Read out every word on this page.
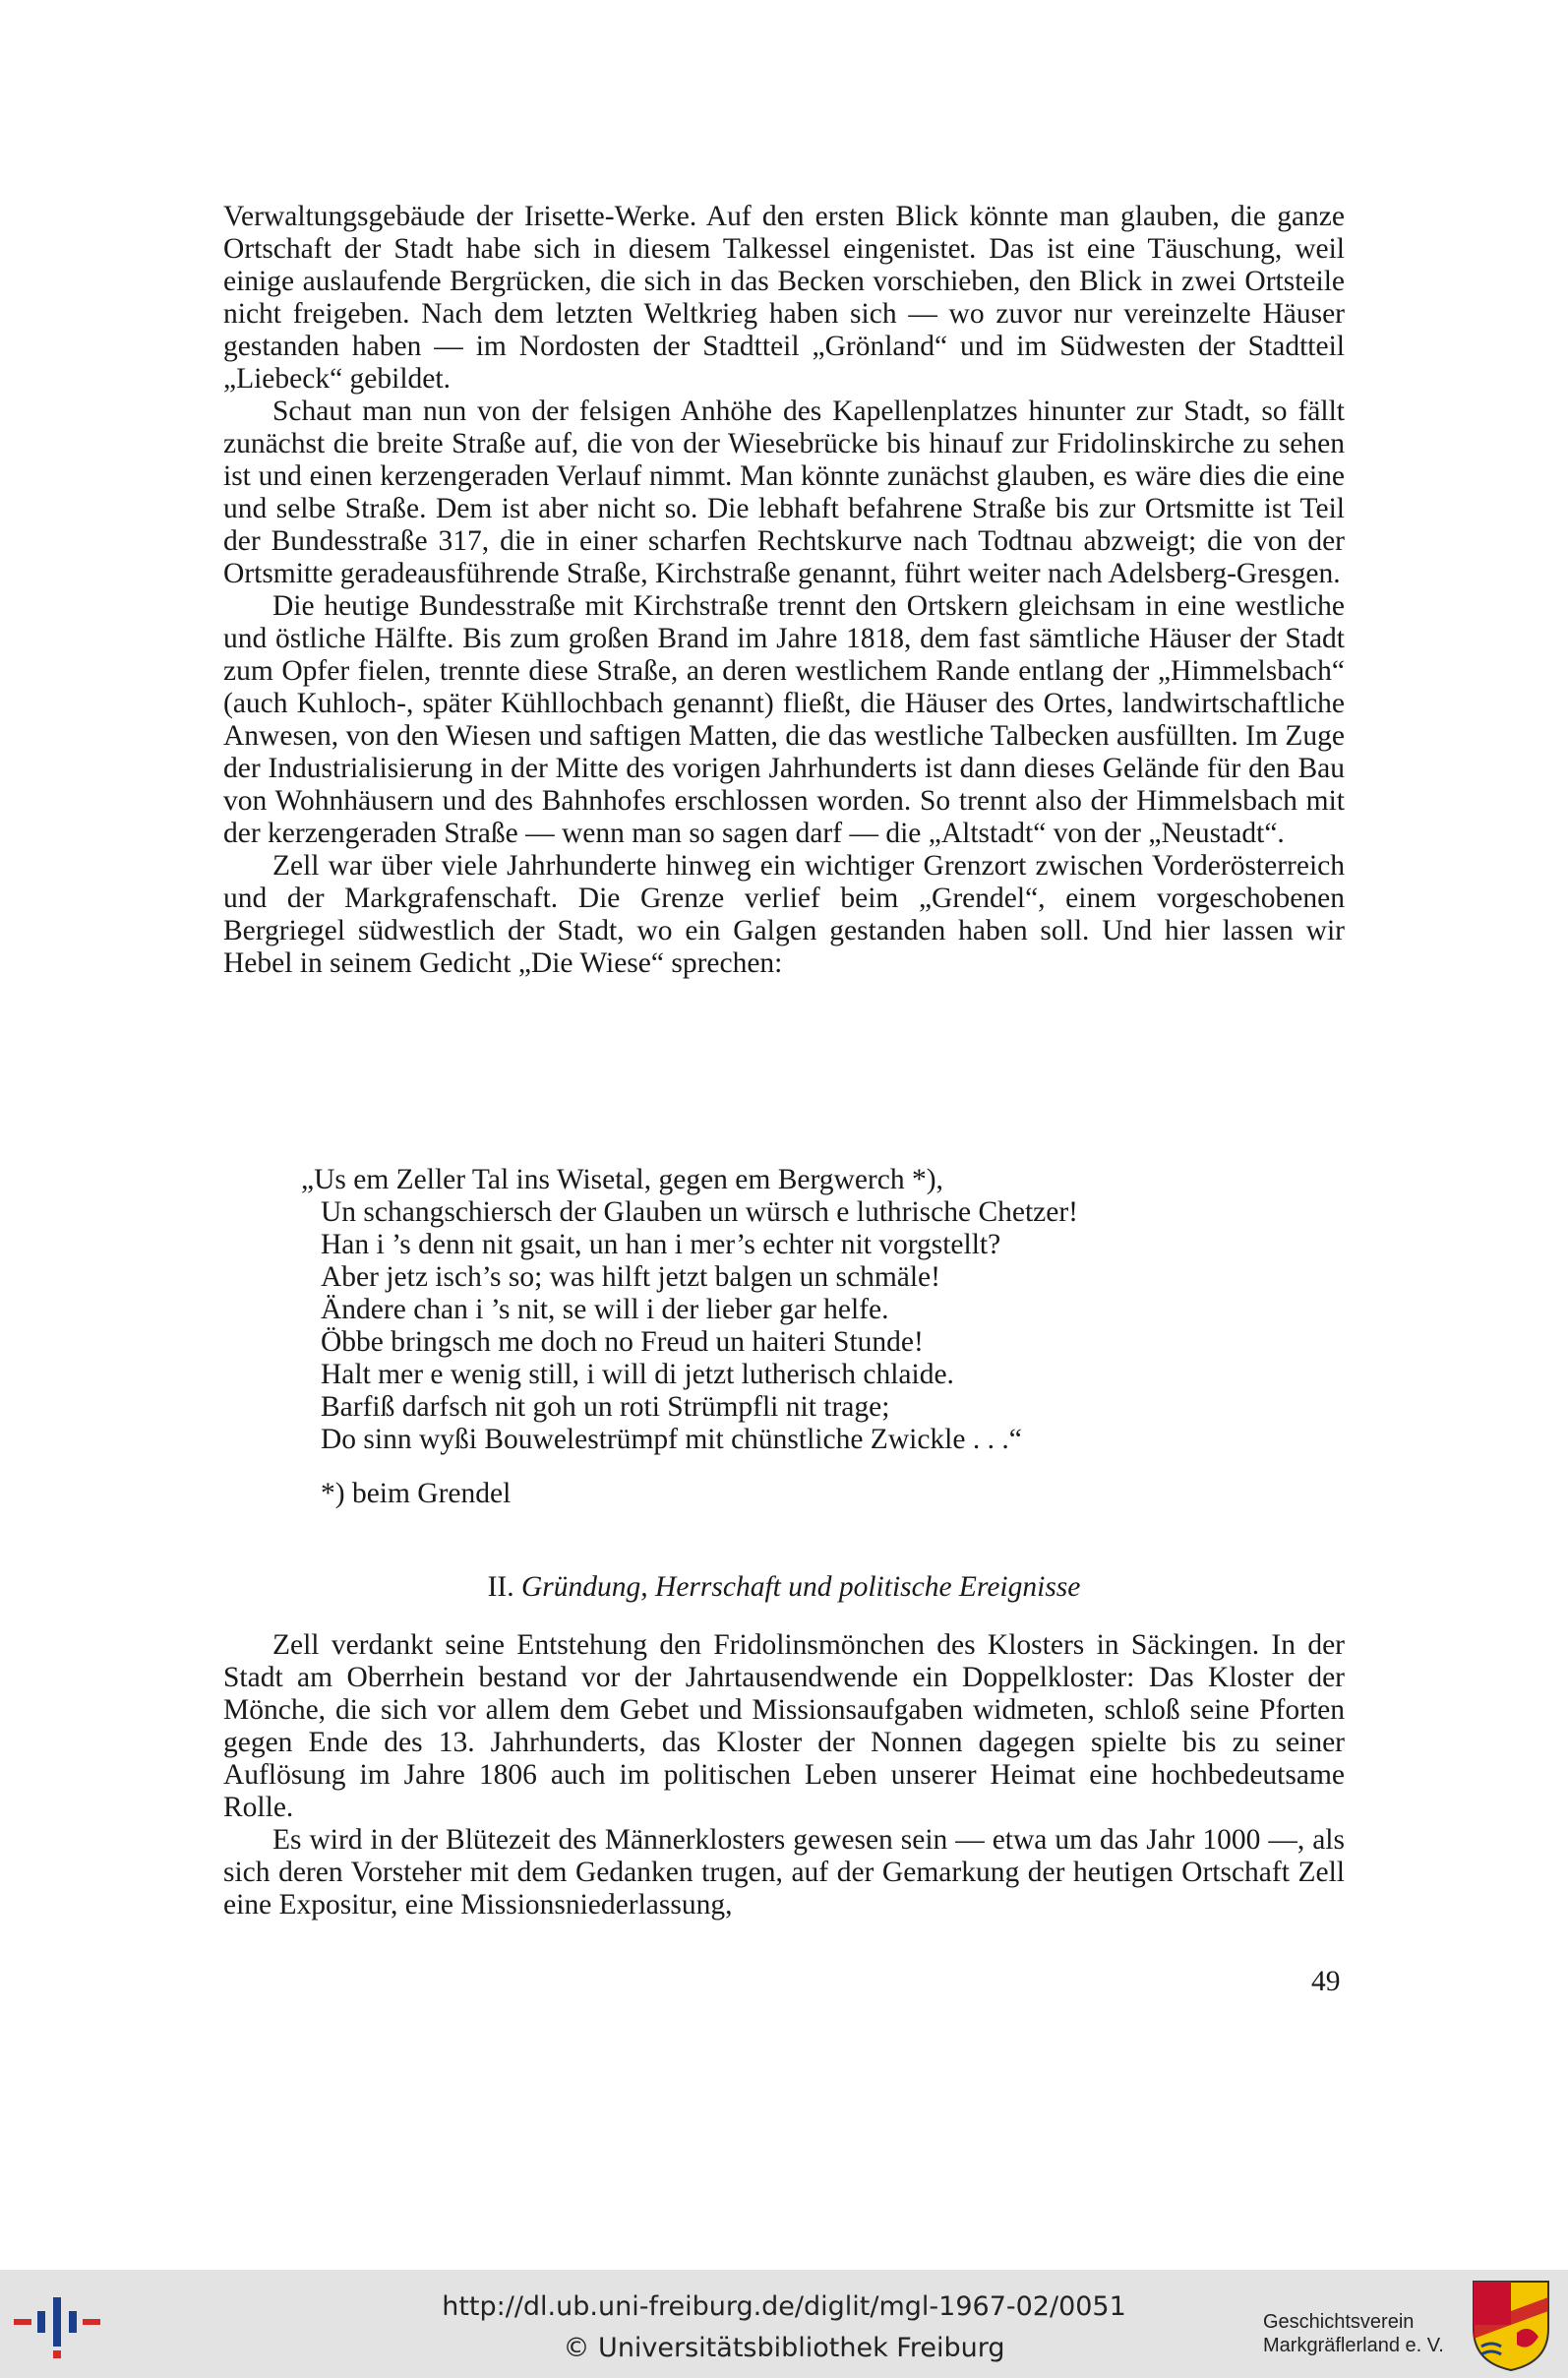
Verwaltungsgebäude der Irisette-Werke. Auf den ersten Blick könnte man glauben, die ganze Ortschaft der Stadt habe sich in diesem Talkessel eingenistet. Das ist eine Täuschung, weil einige auslaufende Bergrücken, die sich in das Becken vorschieben, den Blick in zwei Ortsteile nicht freigeben. Nach dem letzten Weltkrieg haben sich — wo zuvor nur vereinzelte Häuser gestanden haben — im Nordosten der Stadtteil „Grönland“ und im Südwesten der Stadtteil „Liebeck“ gebildet.

Schaut man nun von der felsigen Anhöhe des Kapellenplatzes hinunter zur Stadt, so fällt zunächst die breite Straße auf, die von der Wiesebrücke bis hinauf zur Fridolinskirche zu sehen ist und einen kerzengeraden Verlauf nimmt. Man könnte zunächst glauben, es wäre dies die eine und selbe Straße. Dem ist aber nicht so. Die lebhaft befahrene Straße bis zur Ortsmitte ist Teil der Bundesstraße 317, die in einer scharfen Rechtskurve nach Todtnau abzweigt; die von der Ortsmitte geradeausführende Straße, Kirchstraße genannt, führt weiter nach Adelsberg-Gresgen.

Die heutige Bundesstraße mit Kirchstraße trennt den Ortskern gleichsam in eine westliche und östliche Hälfte. Bis zum großen Brand im Jahre 1818, dem fast sämtliche Häuser der Stadt zum Opfer fielen, trennte diese Straße, an deren westlichem Rande entlang der „Himmelsbach“ (auch Kuhloch-, später Kühllochbach genannt) fließt, die Häuser des Ortes, landwirtschaftliche Anwesen, von den Wiesen und saftigen Matten, die das westliche Talbecken ausfüllten. Im Zuge der Industrialisierung in der Mitte des vorigen Jahrhunderts ist dann dieses Gelände für den Bau von Wohnhäusern und des Bahnhofes erschlossen worden. So trennt also der Himmelsbach mit der kerzengeraden Straße — wenn man so sagen darf — die „Altstadt“ von der „Neustadt“.

Zell war über viele Jahrhunderte hinweg ein wichtiger Grenzort zwischen Vorderösterreich und der Markgrafenschaft. Die Grenze verlief beim „Grendel“, einem vorgeschobenen Bergriegel südwestlich der Stadt, wo ein Galgen gestanden haben soll. Und hier lassen wir Hebel in seinem Gedicht „Die Wiese“ sprechen:

„Us em Zeller Tal ins Wisetal, gegen em Bergwerch *),
Un schangschiersch der Glauben un würsch e luthrische Chetzer!
Han i ’s denn nit gsait, un han i mer’s echter nit vorgstellt?
Aber jetz isch’s so; was hilft jetzt balgen un schmäle!
Ändere chan i ’s nit, se will i der lieber gar helfe.
Öbbe bringsch me doch no Freud un haiteri Stunde!
Halt mer e wenig still, i will di jetzt lutherisch chlaide.
Barfiß darfsch nit goh un roti Strümpfli nit trage;
Do sinn wyßi Bouwelestrümpf mit chünstliche Zwickle . . .“
*) beim Grendel
II. Gründung, Herrschaft und politische Ereignisse

Zell verdankt seine Entstehung den Fridolinsmönchen des Klosters in Säckingen. In der Stadt am Oberrhein bestand vor der Jahrtausendwende ein Doppelkloster: Das Kloster der Mönche, die sich vor allem dem Gebet und Missionsaufgaben widmeten, schloß seine Pforten gegen Ende des 13. Jahrhunderts, das Kloster der Nonnen dagegen spielte bis zu seiner Auflösung im Jahre 1806 auch im politischen Leben unserer Heimat eine hochbedeutsame Rolle.

Es wird in der Blütezeit des Männerklosters gewesen sein — etwa um das Jahr 1000 —, als sich deren Vorsteher mit dem Gedanken trugen, auf der Gemarkung der heutigen Ortschaft Zell eine Expositur, eine Missionsniederlassung,

49
http://dl.ub.uni-freiburg.de/diglit/mgl-1967-02/0051
© Universitätsbibliothek Freiburg
Geschichtsverein
Markgräflerland e. V.
